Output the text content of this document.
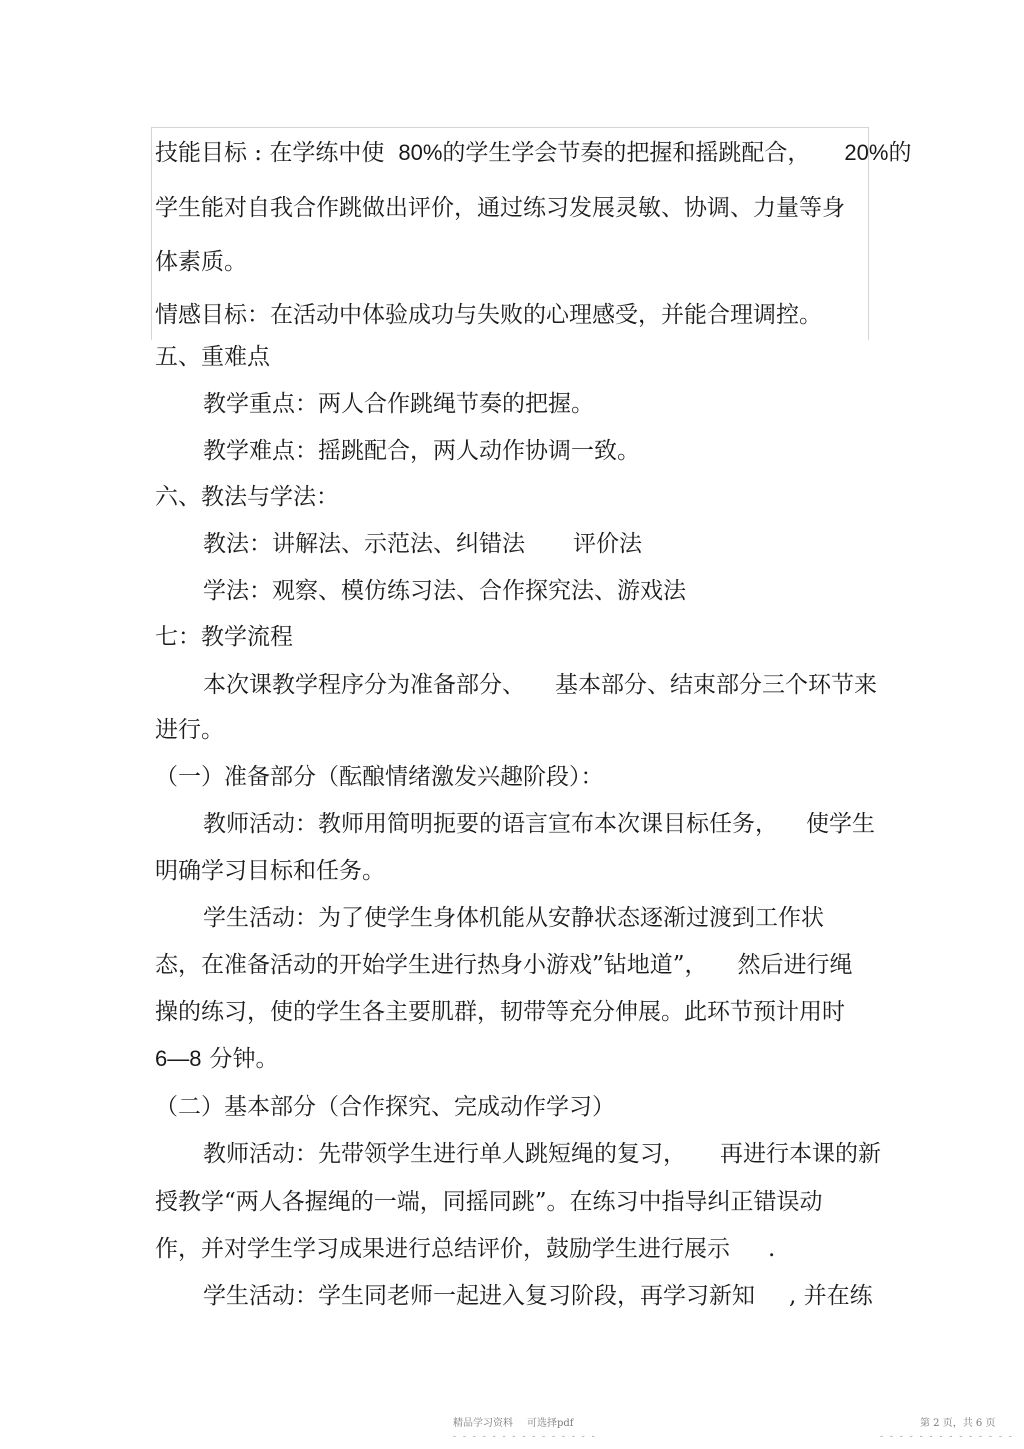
技能目标 : 在学练中使 80%的学生学会节奏的把握和摇跳配合， 20%的
学生能对自我合作跳做出评价，通过练习发展灵敏、协调、力量等身
体素质。
情感目标：在活动中体验成功与失败的心理感受，并能合理调控。
五、重难点
教学重点：两人合作跳绳节奏的把握。
教学难点：摇跳配合，两人动作协调一致。
六、教法与学法：
教法：讲解法、示范法、纠错法 评价法
学法：观察、模仿练习法、合作探究法、游戏法
七：教学流程
本次课教学程序分为准备部分、 基本部分、结束部分三个环节来
进行。
（一）准备部分（酝酿情绪激发兴趣阶段）：
教师活动：教师用简明扼要的语言宣布本次课目标任务， 使学生
明确学习目标和任务。
学生活动：为了使学生身体机能从安静状态逐渐过渡到工作状
态，在准备活动的开始学生进行热身小游戏”钻地道”， 然后进行绳
操的练习，使的学生各主要肌群，韧带等充分伸展。此环节预计用时
6—8 分钟。
（二）基本部分（合作探究、完成动作学习）
教师活动：先带领学生进行单人跳短绳的复习， 再进行本课的新
授教学“两人各握绳的一端，同摇同跳”。在练习中指导纠正错误动
作，并对学生学习成果进行总结评价，鼓励学生进行展示 .
学生活动：学生同老师一起进入复习阶段，再学习新知 , 并在练
精品学习资料 可选择pdf
- - - - - - - - - - - - - - -
第 2 页，共 6 页
- - - - - - - - - - - - - -
